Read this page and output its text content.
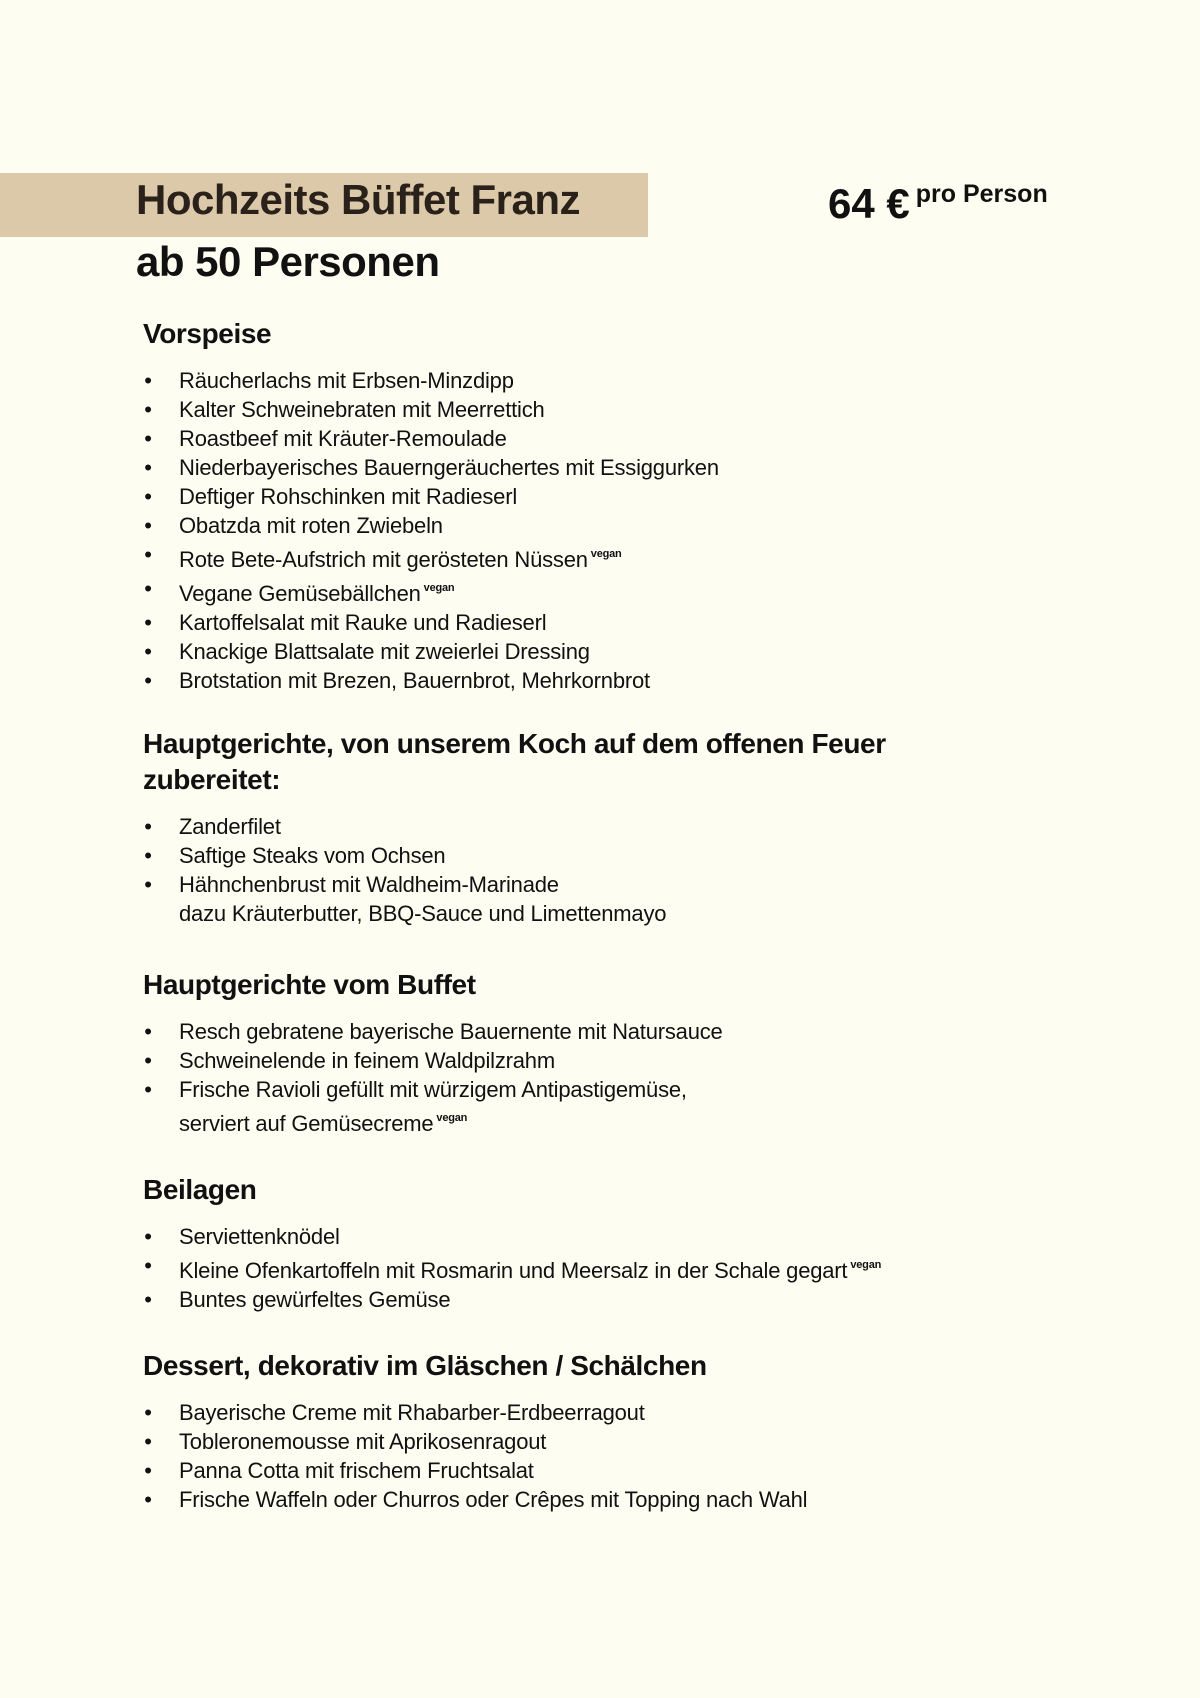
Hochzeits Büffet Franz
ab 50 Personen
64 € pro Person
Vorspeise
• Räucherlachs mit Erbsen-Minzdipp
• Kalter Schweinebraten mit Meerrettich
• Roastbeef mit Kräuter-Remoulade
• Niederbayerisches Bauerngeräuchertes mit Essiggurken
• Deftiger Rohschinken mit Radieserl
• Obatzda mit roten Zwiebeln
• Rote Bete-Aufstrich mit gerösteten Nüssen $^{vegan}$
• Vegane Gemüsebällchen $^{vegan}$
• Kartoffelsalat mit Rauke und Radieserl
• Knackige Blattsalate mit zweierlei Dressing
• Brotstation mit Brezen, Bauernbrot, Mehrkornbrot
Hauptgerichte, von unserem Koch auf dem offenen Feuer
zubereitet:
• Zanderfilet
• Saftige Steaks vom Ochsen
• Hähnchenbrust mit Waldheim-Marinade
dazu Kräuterbutter, BBQ-Sauce und Limettenmayo
Hauptgerichte vom Buffet
• Resch gebratene bayerische Bauernente mit Natursauce
• Schweinelende in feinem Waldpilzrahm
• Frische Ravioli gefüllt mit würzigem Antipastigemüse,
serviert auf Gemüsecreme $^{vegan}$
Beilagen
• Serviettenknödel
• Kleine Ofenkartoffeln mit Rosmarin und Meersalz in der Schale gegart $^{vegan}$
• Buntes gewürfeltes Gemüse
Dessert, dekorativ im Gläschen / Schälchen
• Bayerische Creme mit Rhabarber-Erdbeerragout
• Tobleronemousse mit Aprikosenragout
• Panna Cotta mit frischem Fruchtsalat
• Frische Waffeln oder Churros oder Crêpes mit Topping nach Wahl
